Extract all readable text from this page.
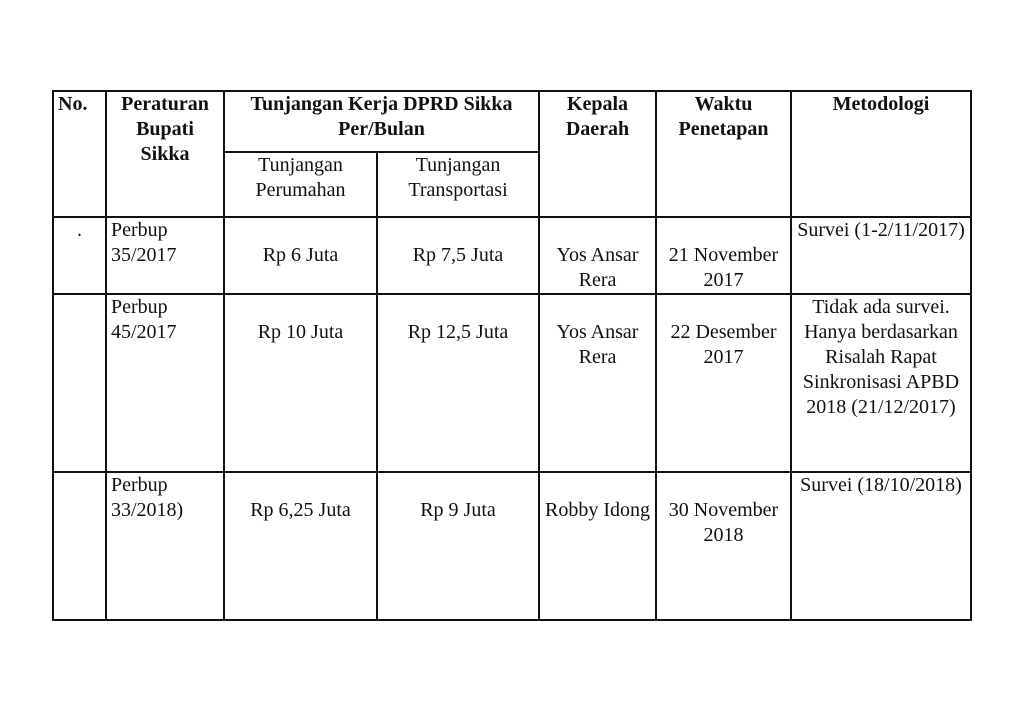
No.	Peraturan Bupati Sikka	Tunjangan Kerja DPRD Sikka Per/Bulan		Kepala Daerah	Waktu Penetapan	Metodologi
		Tunjangan Perumahan	Tunjangan Transportasi			
.	Perbup 35/2017	Rp 6 Juta	Rp 7,5 Juta	Yos Ansar Rera	21 November 2017	Survei (1-2/11/2017)
	Perbup 45/2017	Rp 10 Juta	Rp 12,5 Juta	Yos Ansar Rera	22 Desember 2017	Tidak ada survei. Hanya berdasarkan Risalah Rapat Sinkronisasi APBD 2018 (21/12/2017)
	Perbup 33/2018)	Rp 6,25 Juta	Rp 9 Juta	Robby Idong	30 November 2018	Survei (18/10/2018)
